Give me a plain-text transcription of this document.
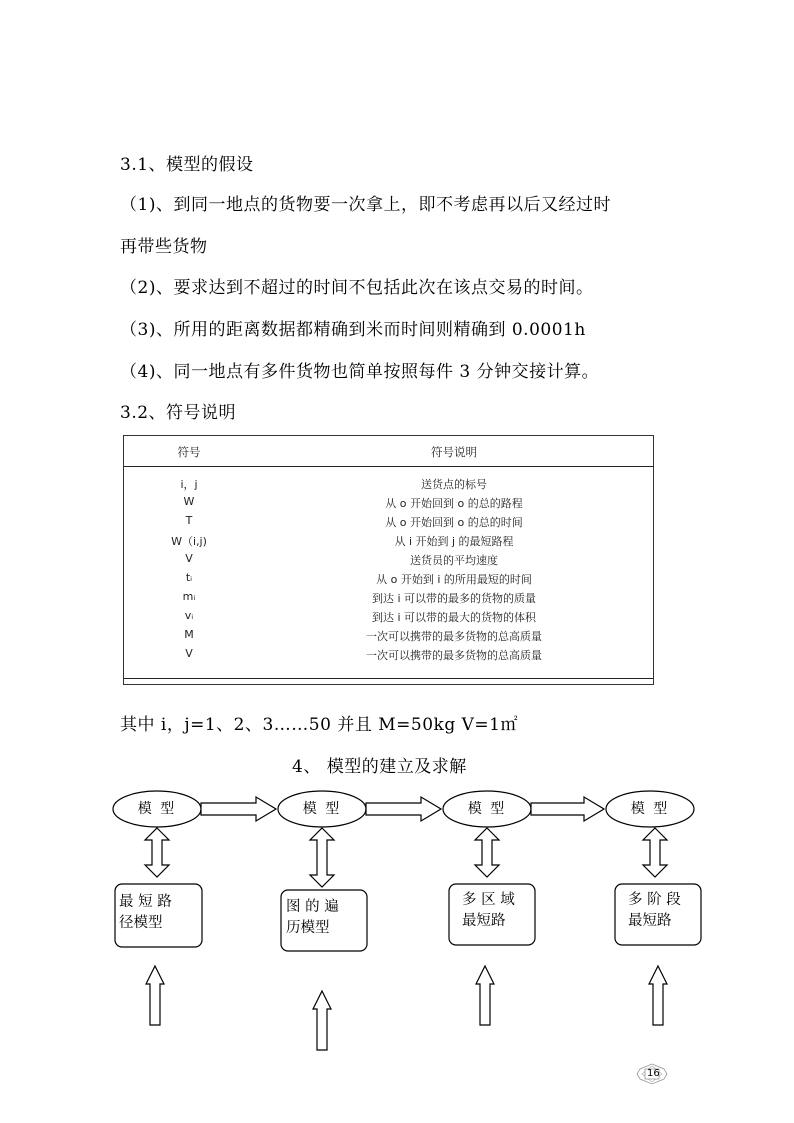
3.1、模型的假设
（1)、到同一地点的货物要一次拿上，即不考虑再以后又经过时
再带些货物
（2)、要求达到不超过的时间不包括此次在该点交易的时间。
（3)、所用的距离数据都精确到米而时间则精确到 0.0001h
（4)、同一地点有多件货物也简单按照每件 3 分钟交接计算。
3.2、符号说明
符号	符号说明
i，j	送货点的标号
W	从 o 开始回到 o 的总的路程
T	从 o 开始回到 o 的总的时间
W（i,j)	从 i 开始到 j 的最短路程
V	送货员的平均速度
tᵢ	从 o 开始到 i 的所用最短的时间
mᵢ	到达 i 可以带的最多的货物的质量
vᵢ	到达 i 可以带的最大的货物的体积
M	一次可以携带的最多货物的总高质量
V	一次可以携带的最多货物的总高质量
其中 i，j=1、2、3……50 并且 M=50kg V=1㎡
4、 模型的建立及求解
模 型	模 型	模 型	模 型
最 短 路
径模型
图 的 遍
历模型
多 区 域
最短路
多 阶 段
最短路
16
